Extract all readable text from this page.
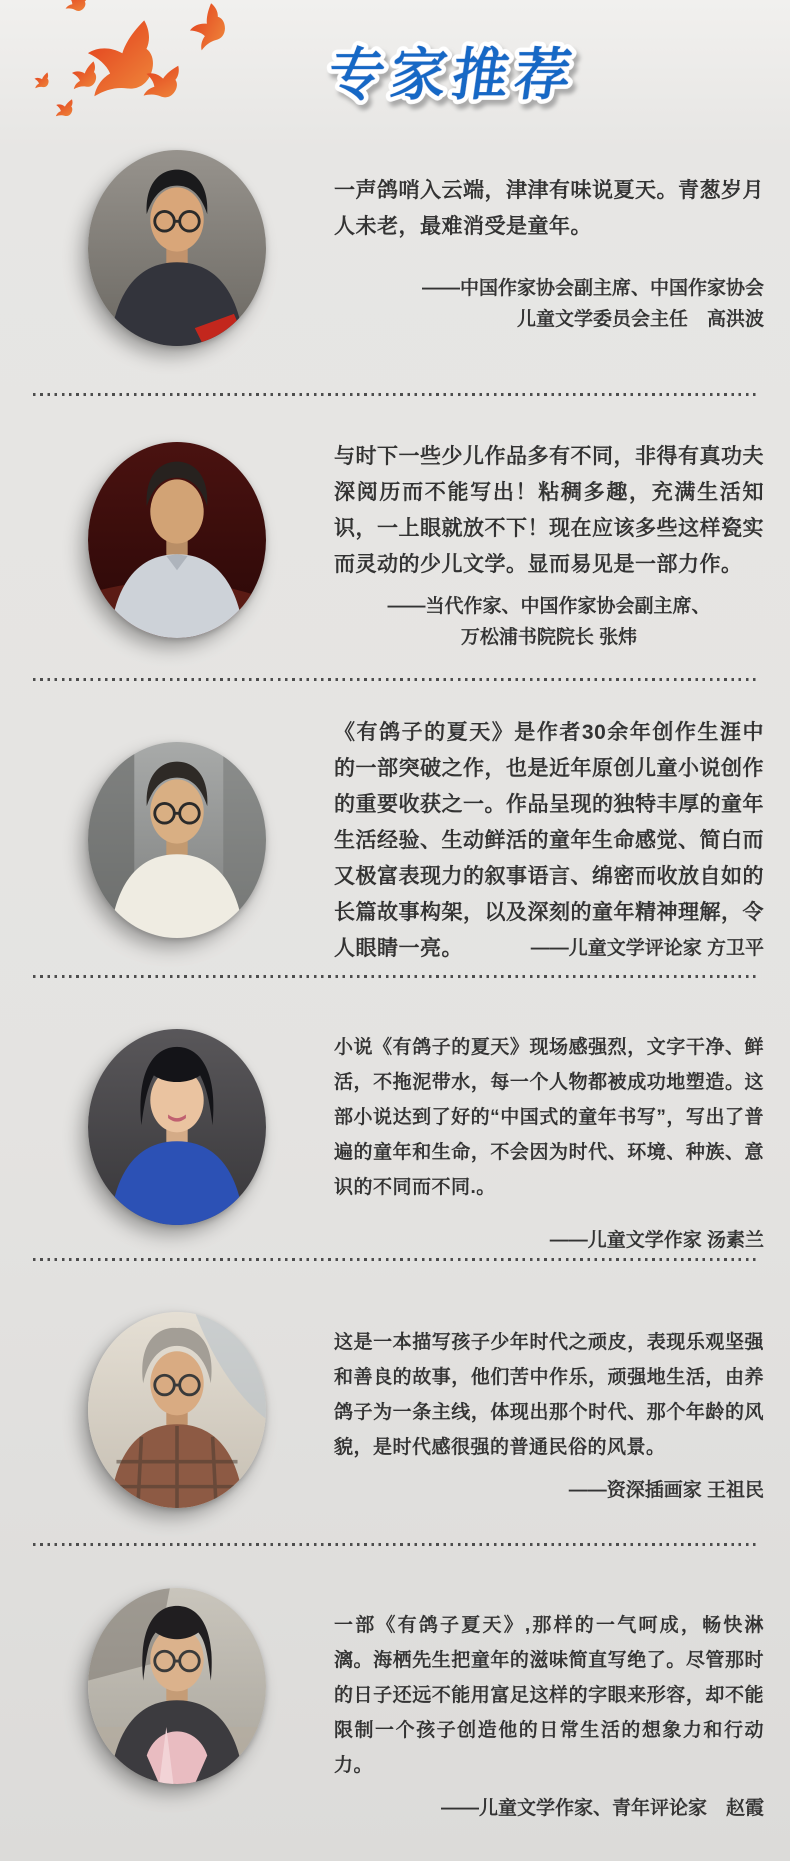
专家推荐

一声鸽哨入云端，津津有味说夏天。青葱岁月人未老，最难消受是童年。

——中国作家协会副主席、中国作家协会
儿童文学委员会主任　高洪波

与时下一些少儿作品多有不同，非得有真功夫深阅历而不能写出！粘稠多趣，充满生活知识，一上眼就放不下！现在应该多些这样瓷实而灵动的少儿文学。显而易见是一部力作。

——当代作家、中国作家协会副主席、
万松浦书院院长 张炜

《有鸽子的夏天》是作者30余年创作生涯中的一部突破之作，也是近年原创儿童小说创作的重要收获之一。作品呈现的独特丰厚的童年生活经验、生动鲜活的童年生命感觉、简白而又极富表现力的叙事语言、绵密而收放自如的长篇故事构架，以及深刻的童年精神理解，令人眼睛一亮。	——儿童文学评论家 方卫平

小说《有鸽子的夏天》现场感强烈，文字干净、鲜活，不拖泥带水，每一个人物都被成功地塑造。这部小说达到了好的“中国式的童年书写”，写出了普遍的童年和生命，不会因为时代、环境、种族、意识的不同而不同.。

——儿童文学作家 汤素兰

这是一本描写孩子少年时代之顽皮，表现乐观坚强和善良的故事，他们苦中作乐，顽强地生活，由养鸽子为一条主线，体现出那个时代、那个年龄的风貌，是时代感很强的普通民俗的风景。

——资深插画家 王祖民

一部《有鸽子夏天》,那样的一气呵成，畅快淋漓。海栖先生把童年的滋味简直写绝了。尽管那时的日子还远不能用富足这样的字眼来形容，却不能限制一个孩子创造他的日常生活的想象力和行动力。

——儿童文学作家、青年评论家　赵霞
